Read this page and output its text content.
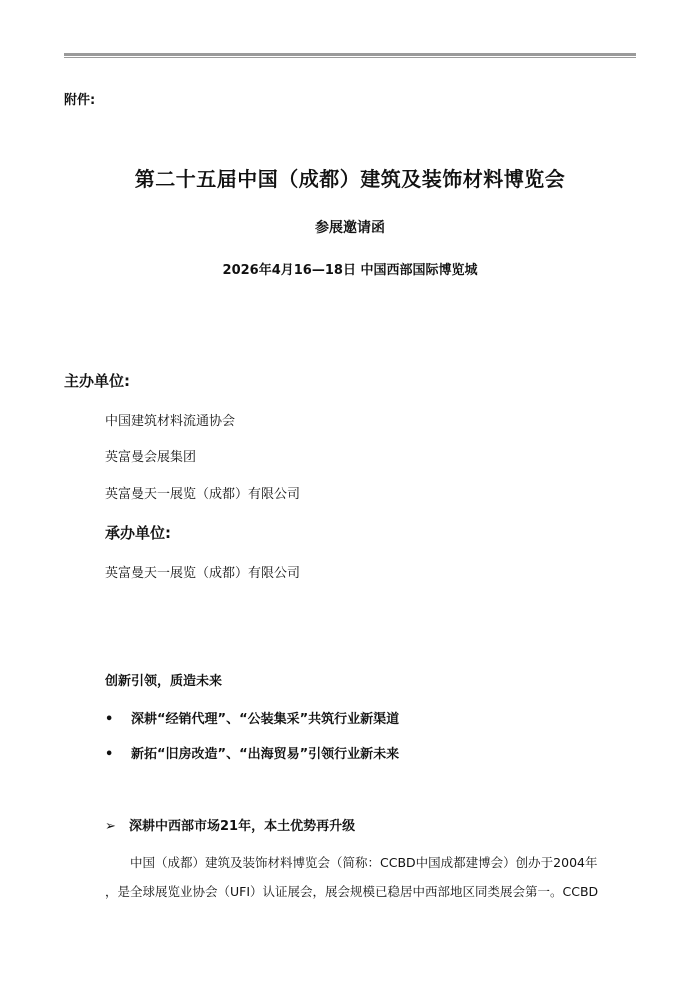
附件:
第二十五届中国（成都）建筑及装饰材料博览会
参展邀请函
2026年4月16—18日 中国西部国际博览城
主办单位:
中国建筑材料流通协会
英富曼会展集团
英富曼天一展览（成都）有限公司
承办单位:
英富曼天一展览（成都）有限公司
创新引领，质造未来
• 深耕“经销代理”、“公装集采”共筑行业新渠道
• 新拓“旧房改造”、“出海贸易”引领行业新未来
➢ 深耕中西部市场21年，本土优势再升级
中国（成都）建筑及装饰材料博览会（简称：CCBD中国成都建博会）创办于2004年
，是全球展览业协会（UFI）认证展会，展会规模已稳居中西部地区同类展会第一。CCBD
